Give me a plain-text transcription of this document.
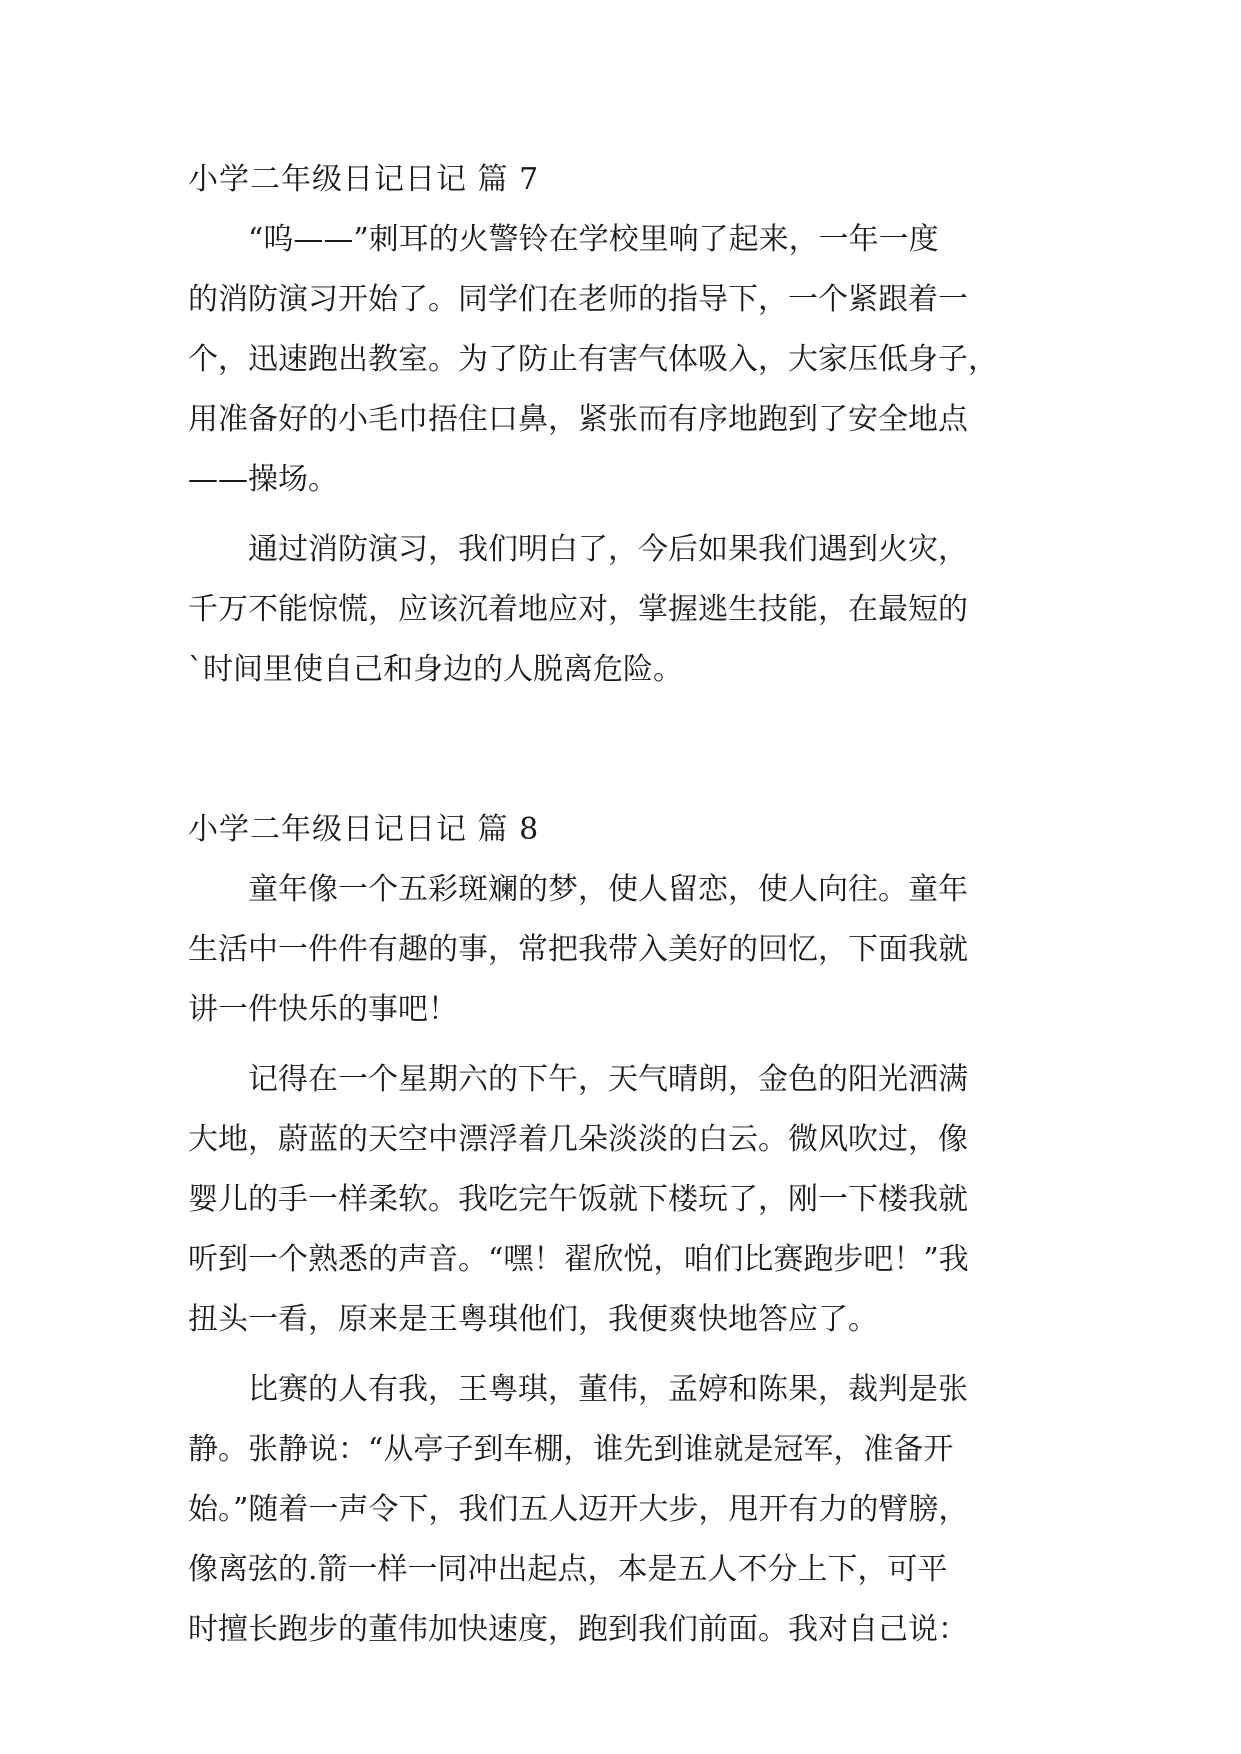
小学二年级日记日记 篇 7
“呜——”刺耳的火警铃在学校里响了起来，一年一度
的消防演习开始了。同学们在老师的指导下，一个紧跟着一
个，迅速跑出教室。为了防止有害气体吸入，大家压低身子，
用准备好的小毛巾捂住口鼻，紧张而有序地跑到了安全地点
——操场。
通过消防演习，我们明白了，今后如果我们遇到火灾，
千万不能惊慌，应该沉着地应对，掌握逃生技能，在最短的
`时间里使自己和身边的人脱离危险。
小学二年级日记日记 篇 8
童年像一个五彩斑斓的梦，使人留恋，使人向往。童年
生活中一件件有趣的事，常把我带入美好的回忆，下面我就
讲一件快乐的事吧！
记得在一个星期六的下午，天气晴朗，金色的阳光洒满
大地，蔚蓝的天空中漂浮着几朵淡淡的白云。微风吹过，像
婴儿的手一样柔软。我吃完午饭就下楼玩了，刚一下楼我就
听到一个熟悉的声音。“嘿！翟欣悦，咱们比赛跑步吧！”我
扭头一看，原来是王粤琪他们，我便爽快地答应了。
比赛的人有我，王粤琪，董伟，孟婷和陈果，裁判是张
静。张静说：“从亭子到车棚，谁先到谁就是冠军，准备开
始。”随着一声令下，我们五人迈开大步，甩开有力的臂膀，
像离弦的.箭一样一同冲出起点，本是五人不分上下，可平
时擅长跑步的董伟加快速度，跑到我们前面。我对自己说：
